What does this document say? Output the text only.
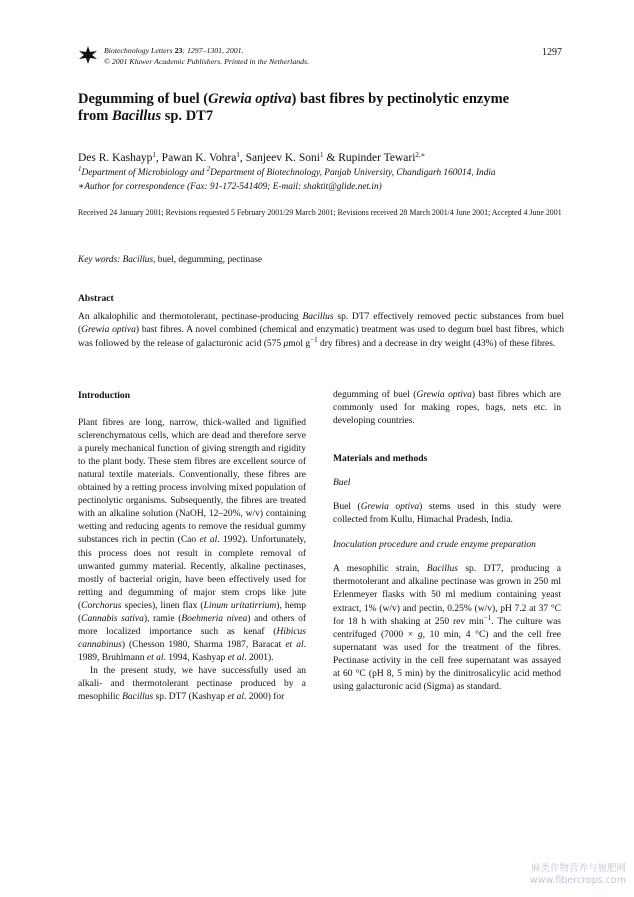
Biotechnology Letters 23: 1297–1301, 2001.
© 2001 Kluwer Academic Publishers. Printed in the Netherlands.
1297
Degumming of buel (Grewia optiva) bast fibres by pectinolytic enzyme
from Bacillus sp. DT7
Des R. Kashayp$^1$, Pawan K. Vohra$^1$, Sanjeev K. Soni$^1$ & Rupinder Tewari$^{2,∗}$
$^1$Department of Microbiology and $^2$Department of Biotechnology, Panjab University, Chandigarh 160014, India
∗Author for correspondence (Fax: 91-172-541409; E-mail: shaktit@glide.net.in)
Received 24 January 2001; Revisions requested 5 February 2001/29 March 2001; Revisions received 28 March 2001/4 June 2001; Accepted 4 June 2001
Key words: Bacillus, buel, degumming, pectinase
Abstract
An alkalophilic and thermotolerant, pectinase-producing Bacillus sp. DT7 effectively removed pectic substances from buel (Grewia optiva) bast fibres. A novel combined (chemical and enzymatic) treatment was used to degum buel bast fibres, which was followed by the release of galacturonic acid (575 μmol $g^{-1}$ dry fibres) and a decrease in dry weight (43%) of these fibres.

Introduction

Plant fibres are long, narrow, thick-walled and lignified sclerenchymatous cells, which are dead and therefore serve a purely mechanical function of giving strength and rigidity to the plant body. These stem fibres are excellent source of natural textile materials. Conventionally, these fibres are obtained by a retting process involving mixed population of pectinolytic organisms. Subsequently, the fibres are treated with an alkaline solution (NaOH, 12–20%, w/v) containing wetting and reducing agents to remove the residual gummy substances rich in pectin (Cao et al. 1992). Unfortunately, this process does not result in complete removal of unwanted gummy material. Recently, alkaline pectinases, mostly of bacterial origin, have been effectively used for retting and degumming of major stem crops like jute (Corchorus species), linen flax (Linum uritatirrium), hemp (Cannabis sativa), ramie (Boehmeria nivea) and others of more localized importance such as kenaf (Hibicus cannabinus) (Chesson 1980, Sharma 1987, Baracat et al. 1989, Bruhlmann et al. 1994, Kashyap et al. 2001).

In the present study, we have successfully used an alkali- and thermotolerant pectinase produced by a mesophilic Bacillus sp. DT7 (Kashyap et al. 2000) for

degumming of buel (Grewia optiva) bast fibres which are commonly used for making ropes, bags, nets etc. in developing countries.

Materials and methods

Buel

Buel (Grewia optiva) stems used in this study were collected from Kullu, Himachal Pradesh, India.

Inoculation procedure and crude enzyme preparation

A mesophilic strain, Bacillus sp. DT7, producing a thermotolerant and alkaline pectinase was grown in 250 ml Erlenmeyer flasks with 50 ml medium containing yeast extract, 1% (w/v) and pectin, 0.25% (w/v), pH 7.2 at 37 °C for 18 h with shaking at 250 rev $\min^{-1}$. The culture was centrifuged (7000 × g, 10 min, 4 °C) and the cell free supernatant was used for the treatment of the fibres. Pectinase activity in the cell free supernatant was assayed at 60 °C (pH 8, 5 min) by the dinitrosalicylic acid method using galacturonic acid (Sigma) as standard.

麻类作物营养与施肥网
www.fibercrops.com
